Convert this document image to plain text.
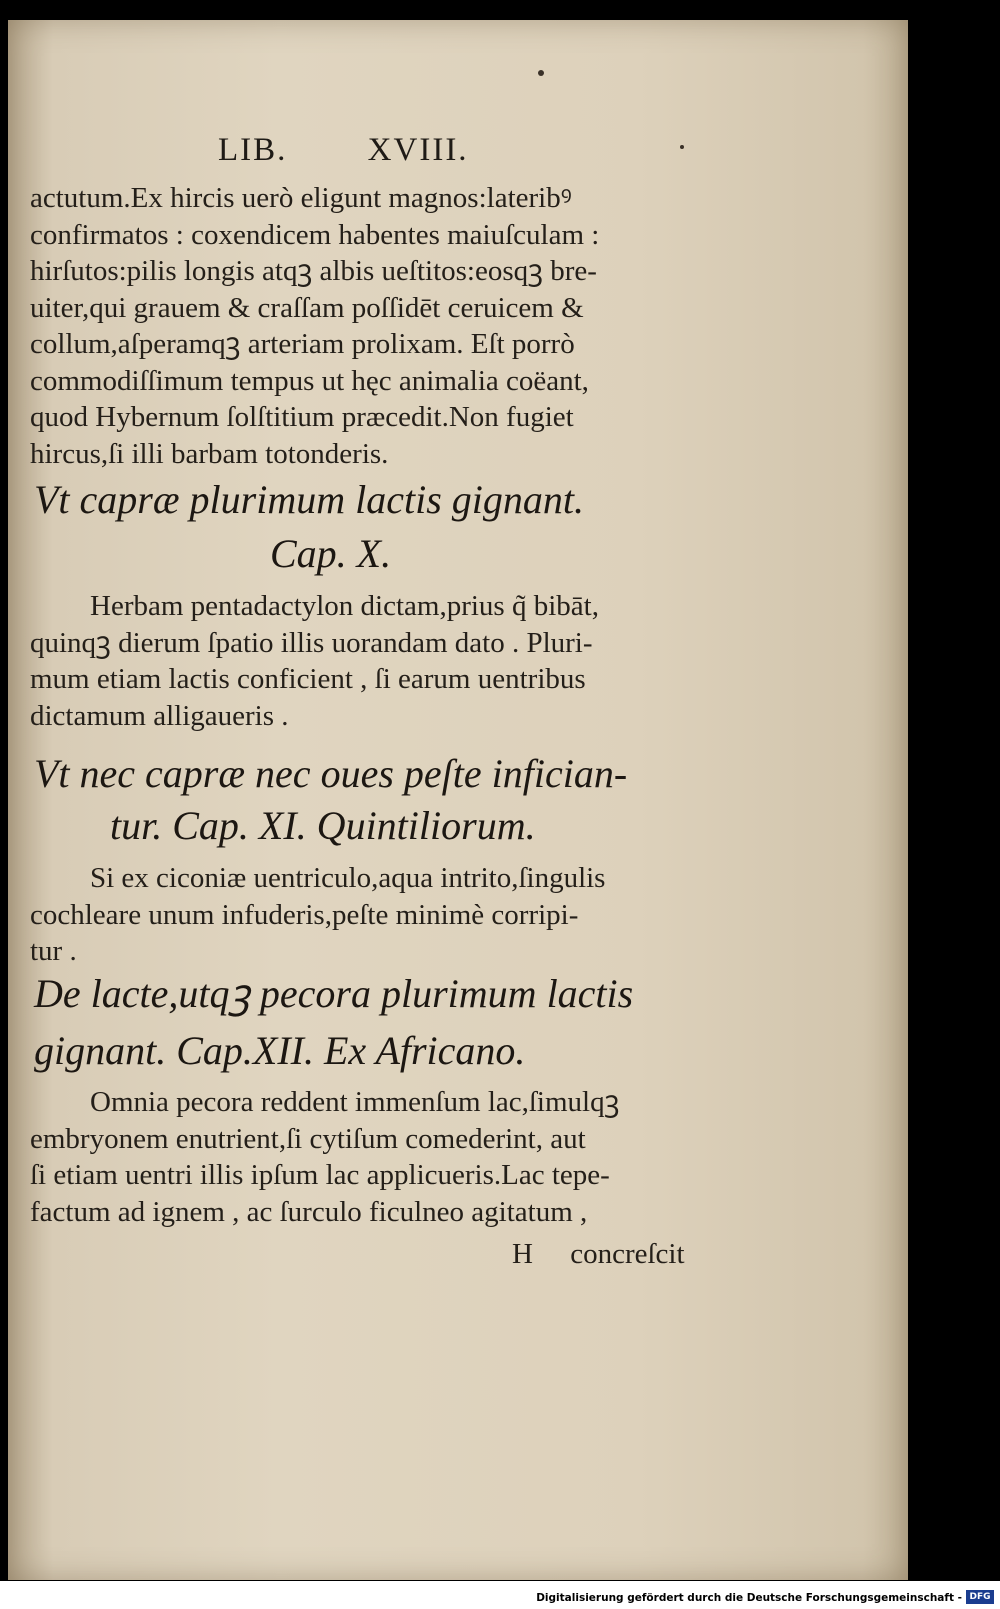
LIB. XVIII.

actutum.Ex hircis uerò eligunt magnos:lateribꝰ

confirmatos : coxendicem habentes maiuſculam :

hirſutos:pilis longis atqꝫ albis ueſtitos:eosqꝫ bre-

uiter,qui grauem & craſſam poſſidēt ceruicem &

collum,aſperamqꝫ arteriam prolixam. Eſt porrò

commodiſſimum tempus ut hęc animalia coëant,

quod Hybernum ſolſtitium præcedit.Non fugiet

hircus,ſi illi barbam totonderis.

Vt capræ plurimum lactis gignant.

Cap. X.

Herbam pentadactylon dictam,prius q̃ bibāt,

quinqꝫ dierum ſpatio illis uorandam dato . Pluri-

mum etiam lactis conficient , ſi earum uentribus

dictamum alligaueris .

Vt nec capræ nec oues peſte infician-

tur. Cap. XI. Quintiliorum.

Si ex ciconiæ uentriculo,aqua intrito,ſingulis

cochleare unum infuderis,peſte minimè corripi-

tur .

De lacte,utqꝫ pecora plurimum lactis

gignant. Cap.XII. Ex Africano.

Omnia pecora reddent immenſum lac,ſimulqꝫ

embryonem enutrient,ſi cytiſum comederint, aut

ſi etiam uentri illis ipſum lac applicueris.Lac tepe-

factum ad ignem , ac ſurculo ficulneo agitatum ,

H concreſcit
Digitalisierung gefördert durch die Deutsche Forschungsgemeinschaft - DFG
